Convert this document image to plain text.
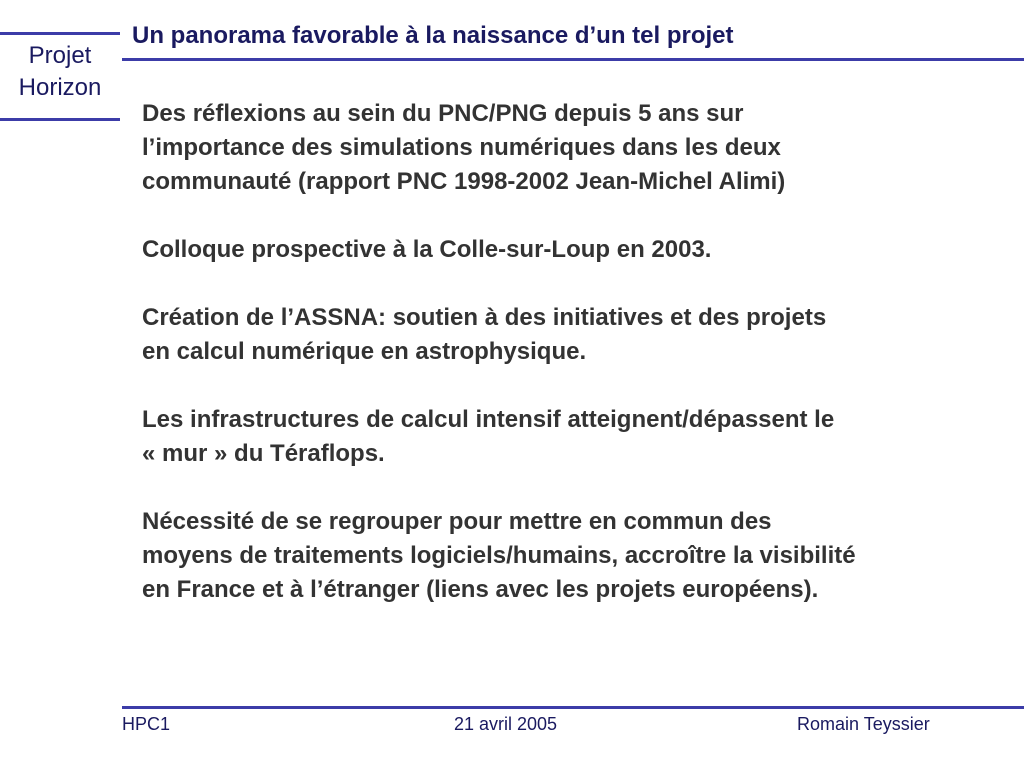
Projet
Horizon
Un panorama favorable à la naissance d’un tel projet

Des réflexions au sein du PNC/PNG depuis 5 ans sur
l’importance des simulations numériques dans les deux
communauté (rapport PNC 1998-2002 Jean-Michel Alimi)

Colloque prospective à la Colle-sur-Loup en 2003.

Création de l’ASSNA: soutien à des initiatives et des projets
en calcul numérique en astrophysique.

Les infrastructures de calcul intensif atteignent/dépassent le
« mur » du Téraflops.

Nécessité de se regrouper pour mettre en commun des
moyens de traitements logiciels/humains, accroître la visibilité
en France et à l’étranger (liens avec les projets européens).

HPC1	21 avril 2005	Romain Teyssier
